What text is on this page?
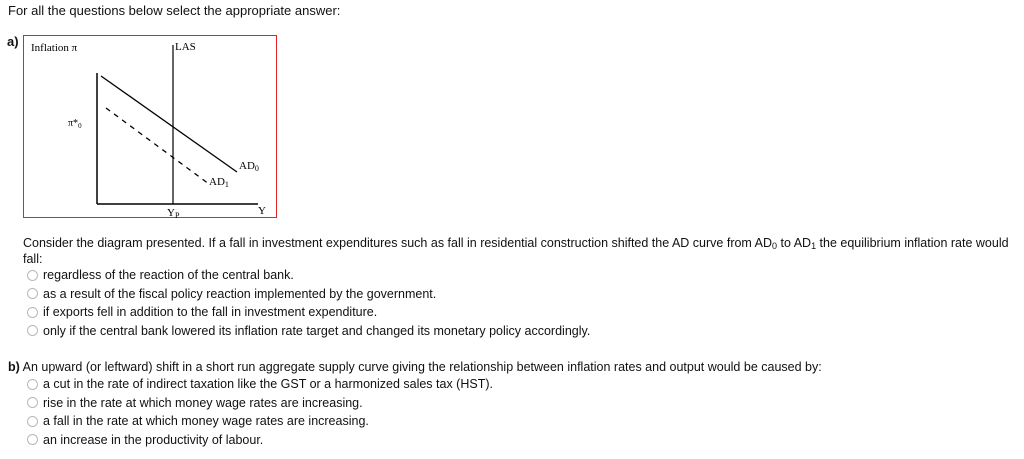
For all the questions below select the appropriate answer:
a) Inflation π	LAS
$\pi*_0$
AD0
AD1
YP	Y
Consider the diagram presented. If a fall in investment expenditures such as fall in residential construction shifted the AD curve from $AD_0$ to $AD_1$ the equilibrium inflation rate would fall:
regardless of the reaction of the central bank.
as a result of the fiscal policy reaction implemented by the government.
if exports fell in addition to the fall in investment expenditure.
only if the central bank lowered its inflation rate target and changed its monetary policy accordingly.
b) An upward (or leftward) shift in a short run aggregate supply curve giving the relationship between inflation rates and output would be caused by:
a cut in the rate of indirect taxation like the GST or a harmonized sales tax (HST).
rise in the rate at which money wage rates are increasing.
a fall in the rate at which money wage rates are increasing.
an increase in the productivity of labour.
